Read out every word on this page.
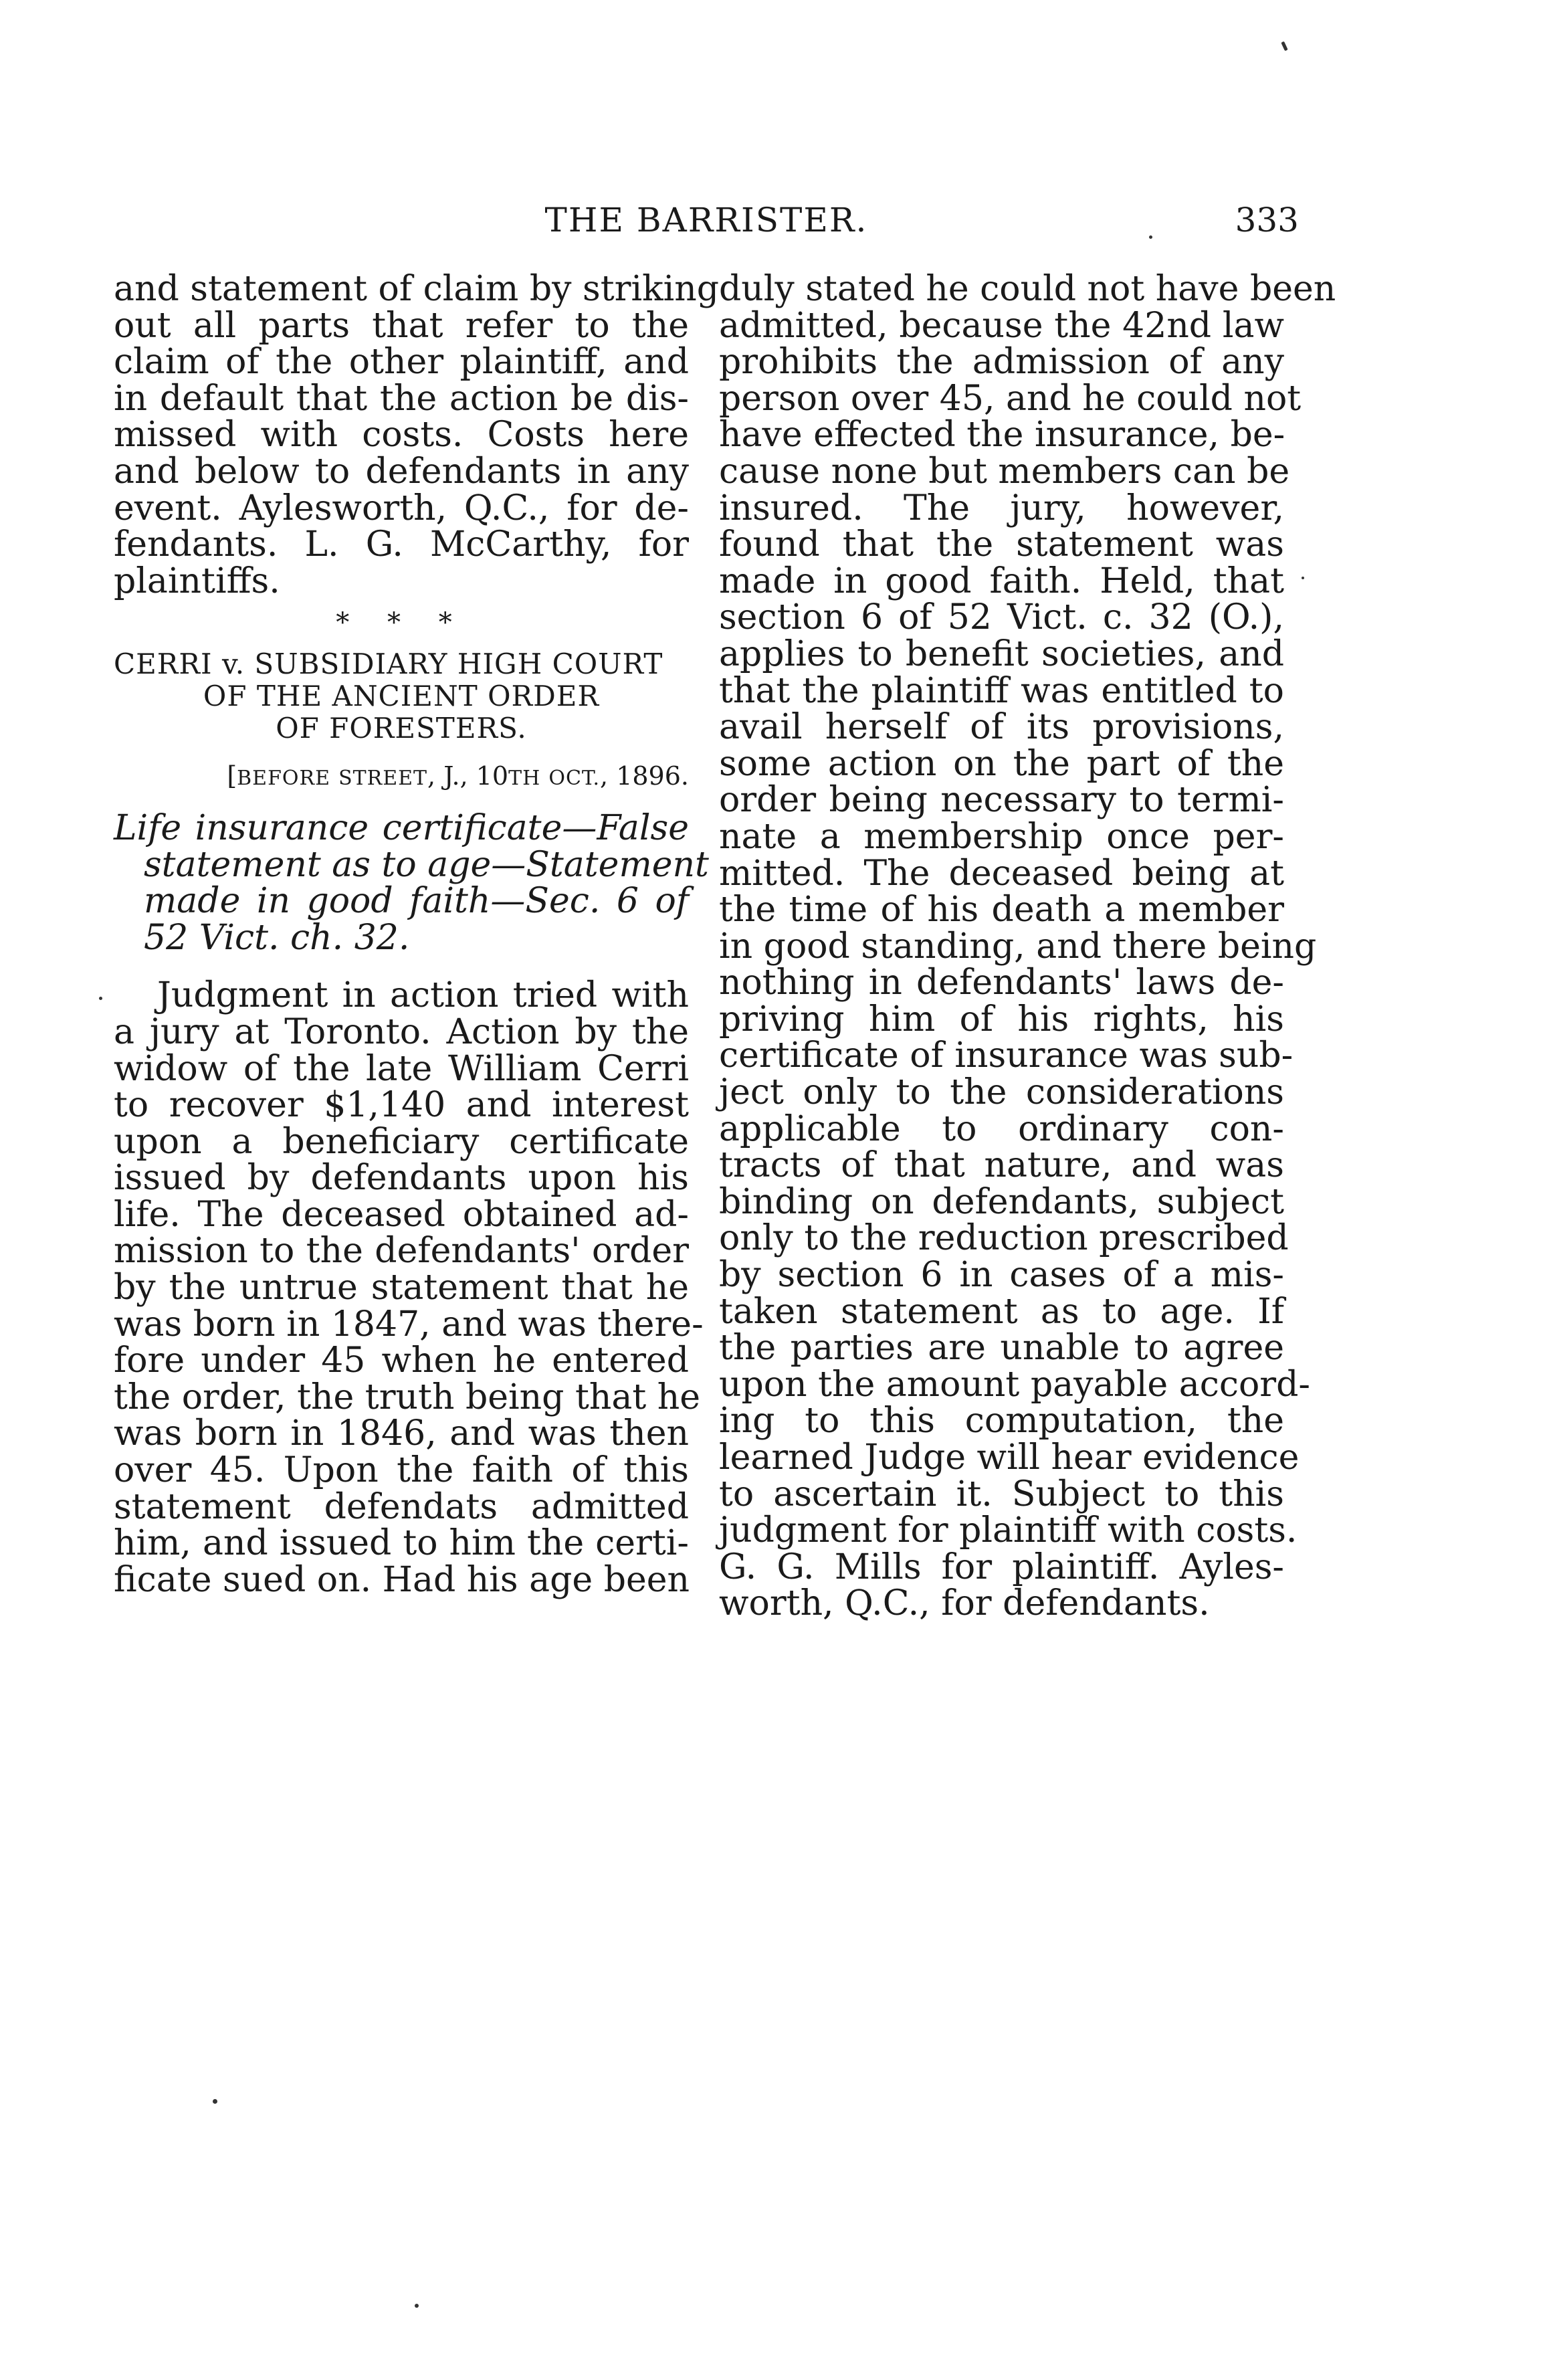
THE BARRISTER.	333
and statement of claim by striking
out all parts that refer to the
claim of the other plaintiff, and
in default that the action be dis-
missed with costs. Costs here
and below to defendants in any
event. Aylesworth, Q.C., for de-
fendants. L. G. McCarthy, for
plaintiffs.
* * *
CERRI v. SUBSIDIARY HIGH COURT
OF THE ANCIENT ORDER
OF FORESTERS.
[BEFORE STREET, J., 10TH OCT., 1896.
Life insurance certificate—False
statement as to age—Statement
made in good faith—Sec. 6 of
52 Vict. ch. 32.
Judgment in action tried with
a jury at Toronto. Action by the
widow of the late William Cerri
to recover $1,140 and interest
upon a beneficiary certificate
issued by defendants upon his
life. The deceased obtained ad-
mission to the defendants' order
by the untrue statement that he
was born in 1847, and was there-
fore under 45 when he entered
the order, the truth being that he
was born in 1846, and was then
over 45. Upon the faith of this
statement defendats admitted
him, and issued to him the certi-
ficate sued on. Had his age been
duly stated he could not have been
admitted, because the 42nd law
prohibits the admission of any
person over 45, and he could not
have effected the insurance, be-
cause none but members can be
insured. The jury, however,
found that the statement was
made in good faith. Held, that
section 6 of 52 Vict. c. 32 (O.),
applies to benefit societies, and
that the plaintiff was entitled to
avail herself of its provisions,
some action on the part of the
order being necessary to termi-
nate a membership once per-
mitted. The deceased being at
the time of his death a member
in good standing, and there being
nothing in defendants' laws de-
priving him of his rights, his
certificate of insurance was sub-
ject only to the considerations
applicable to ordinary con-
tracts of that nature, and was
binding on defendants, subject
only to the reduction prescribed
by section 6 in cases of a mis-
taken statement as to age. If
the parties are unable to agree
upon the amount payable accord-
ing to this computation, the
learned Judge will hear evidence
to ascertain it. Subject to this
judgment for plaintiff with costs.
G. G. Mills for plaintiff. Ayles-
worth, Q.C., for defendants.
